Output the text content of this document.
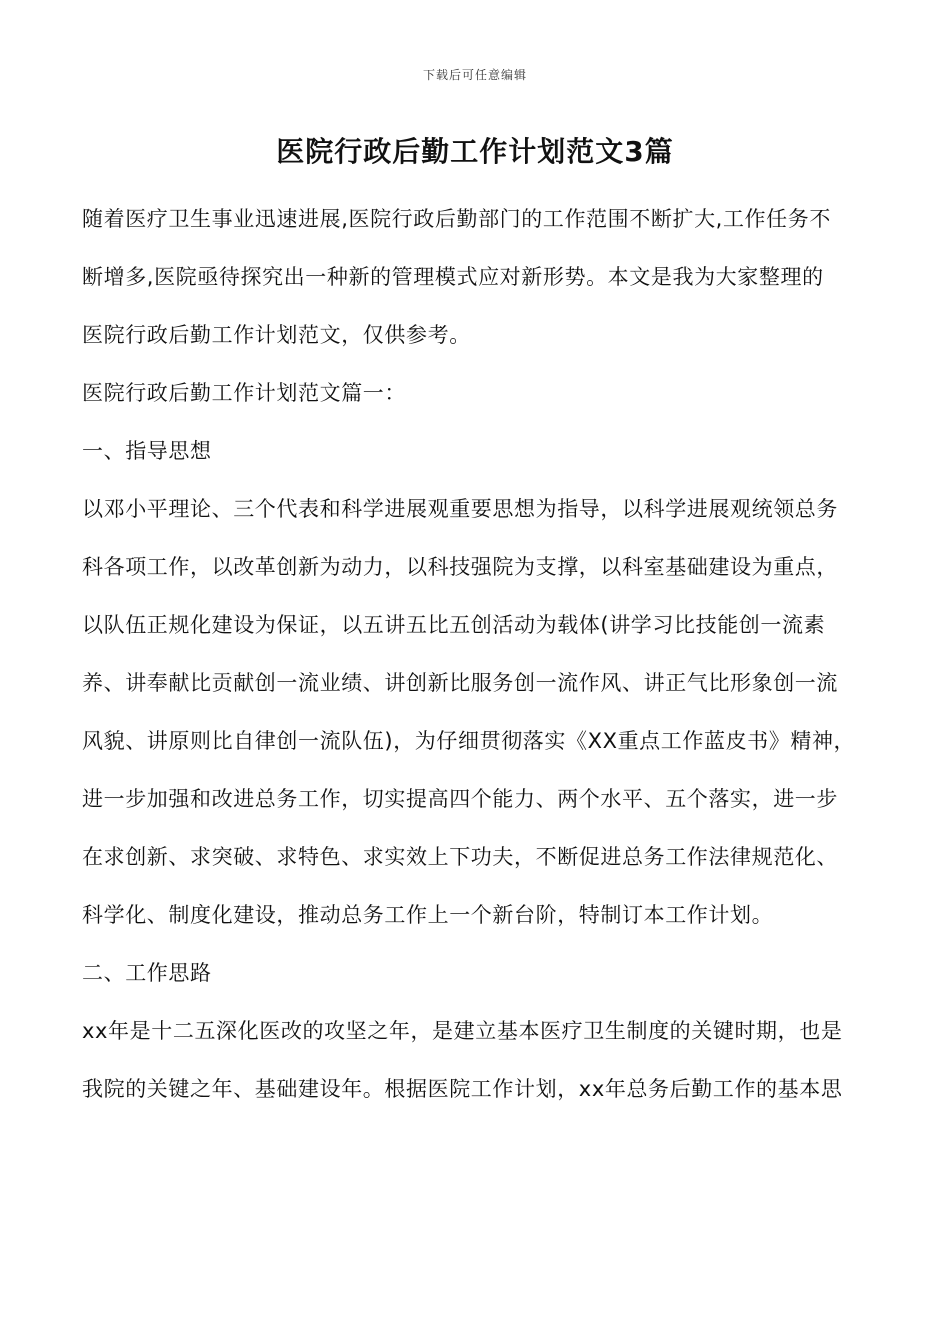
下载后可任意编辑
医院行政后勤工作计划范文3篇
随着医疗卫生事业迅速进展,医院行政后勤部门的工作范围不断扩大,工作任务不
断增多,医院亟待探究出一种新的管理模式应对新形势。本文是我为大家整理的
医院行政后勤工作计划范文，仅供参考。
医院行政后勤工作计划范文篇一：
一、指导思想
以邓小平理论、三个代表和科学进展观重要思想为指导，以科学进展观统领总务
科各项工作，以改革创新为动力，以科技强院为支撑，以科室基础建设为重点，
以队伍正规化建设为保证，以五讲五比五创活动为载体(讲学习比技能创一流素
养、讲奉献比贡献创一流业绩、讲创新比服务创一流作风、讲正气比形象创一流
风貌、讲原则比自律创一流队伍)，为仔细贯彻落实《XX重点工作蓝皮书》精神，
进一步加强和改进总务工作，切实提高四个能力、两个水平、五个落实，进一步
在求创新、求突破、求特色、求实效上下功夫，不断促进总务工作法律规范化、
科学化、制度化建设，推动总务工作上一个新台阶，特制订本工作计划。
二、工作思路
xx年是十二五深化医改的攻坚之年，是建立基本医疗卫生制度的关键时期，也是
我院的关键之年、基础建设年。根据医院工作计划，xx年总务后勤工作的基本思
